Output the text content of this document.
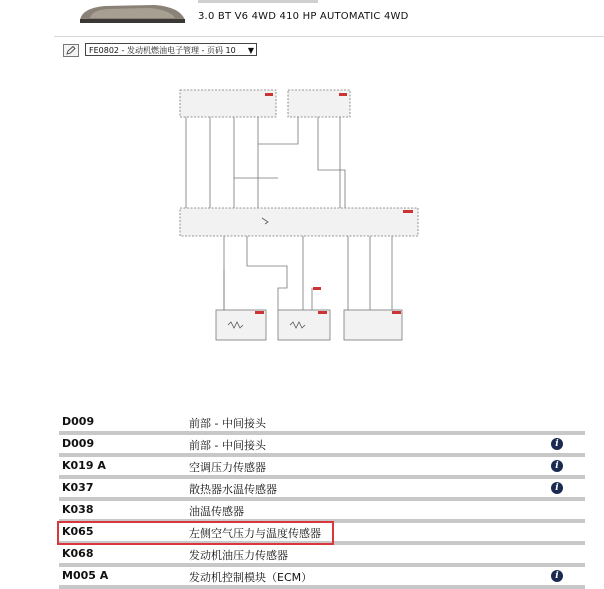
3.0 BT V6 4WD 410 HP AUTOMATIC 4WD
FE0802 - 发动机燃油电子管理 - 页码 10 ▼
D009	前部 - 中间接头
D009	前部 - 中间接头	i
K019 A	空调压力传感器	i
K037	散热器水温传感器	i
K038	油温传感器
K065	左侧空气压力与温度传感器
K068	发动机油压力传感器
M005 A	发动机控制模块（ECM）	i
